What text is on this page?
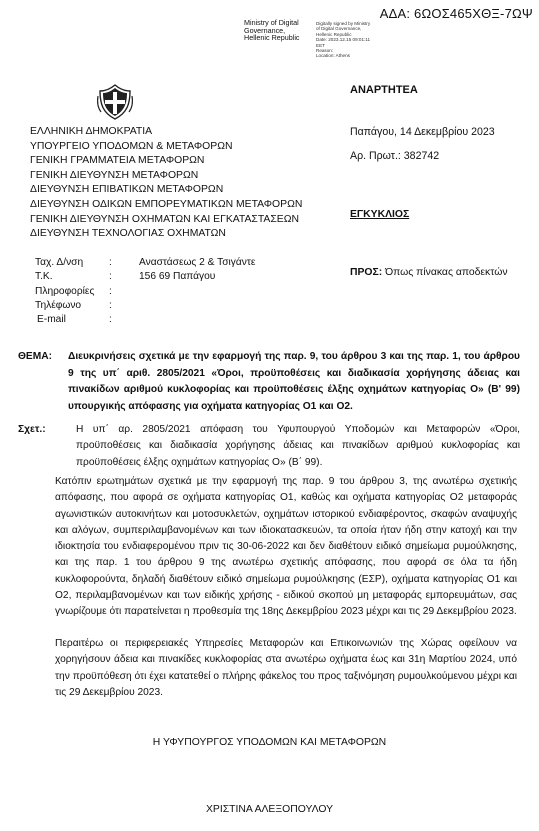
ΑΔΑ: 6ΩΟΣ465ΧΘΞ-7ΩΨ
Ministry of Digital
Governance,
Hellenic Republic
Digitally signed by Ministry
of Digital Governance,
Hellenic Republic
Date: 2023.12.15 09:01:11
EET
Reason:
Location: Athens
ΑΝΑΡΤΗΤΕΑ
ΕΛΛΗΝΙΚΗ ΔΗΜΟΚΡΑΤΙΑ
ΥΠΟΥΡΓΕΙΟ ΥΠΟΔΟΜΩΝ & ΜΕΤΑΦΟΡΩΝ
ΓΕΝΙΚΗ ΓΡΑΜΜΑΤΕΙΑ ΜΕΤΑΦΟΡΩΝ
ΓΕΝΙΚΗ ΔΙΕΥΘΥΝΣΗ ΜΕΤΑΦΟΡΩΝ
ΔΙΕΥΘΥΝΣΗ ΕΠΙΒΑΤΙΚΩΝ ΜΕΤΑΦΟΡΩΝ
ΔΙΕΥΘΥΝΣΗ ΟΔΙΚΩΝ ΕΜΠΟΡΕΥΜΑΤΙΚΩΝ ΜΕΤΑΦΟΡΩΝ
ΓΕΝΙΚΗ ΔΙΕΥΘΥΝΣΗ ΟΧΗΜΑΤΩΝ ΚΑΙ ΕΓΚΑΤΑΣΤΑΣΕΩΝ
ΔΙΕΥΘΥΝΣΗ ΤΕΧΝΟΛΟΓΙΑΣ ΟΧΗΜΑΤΩΝ
Παπάγου, 14 Δεκεμβρίου 2023
Αρ. Πρωτ.: 382742
ΕΓΚΥΚΛΙΟΣ
Ταχ. Δ/νση	:	Αναστάσεως 2 & Τσιγάντε
Τ.Κ.	:	156 69 Παπάγου
Πληροφορίες :
Τηλέφωνο	:
E-mail	:
ΠΡΟΣ: Όπως πίνακας αποδεκτών
ΘΕΜΑ: Διευκρινήσεις σχετικά με την εφαρμογή της παρ. 9, του άρθρου 3 και της παρ. 1, του άρθρου 9 της υπ΄ αριθ. 2805/2021 «Όροι, προϋποθέσεις και διαδικασία χορήγησης άδειας και πινακίδων αριθμού κυκλοφορίας και προϋποθέσεις έλξης οχημάτων κατηγορίας Ο» (Β' 99) υπουργικής απόφασης για οχήματα κατηγορίας Ο1 και Ο2.
Σχετ.:	Η υπ΄ αρ. 2805/2021 απόφαση του Υφυπουργού Υποδομών και Μεταφορών «Όροι, προϋποθέσεις και διαδικασία χορήγησης άδειας και πινακίδων αριθμού κυκλοφορίας και προϋποθέσεις έλξης οχημάτων κατηγορίας Ο» (Β΄ 99).
Κατόπιν ερωτημάτων σχετικά με την εφαρμογή της παρ. 9 του άρθρου 3, της ανωτέρω σχετικής απόφασης, που αφορά σε οχήματα κατηγορίας Ο1, καθώς και οχήματα κατηγορίας Ο2 μεταφοράς αγωνιστικών αυτοκινήτων και μοτοσυκλετών, οχημάτων ιστορικού ενδιαφέροντος, σκαφών αναψυχής και αλόγων, συμπεριλαμβανομένων και των ιδιοκατασκευών, τα οποία ήταν ήδη στην κατοχή και την ιδιοκτησία του ενδιαφερομένου πριν τις 30-06-2022 και δεν διαθέτουν ειδικό σημείωμα ρυμούλκησης, και της παρ. 1 του άρθρου 9 της ανωτέρω σχετικής απόφασης, που αφορά σε όλα τα ήδη κυκλοφορούντα, δηλαδή διαθέτουν ειδικό σημείωμα ρυμούλκησης (ΕΣΡ), οχήματα κατηγορίας Ο1 και Ο2, περιλαμβανομένων και των ειδικής χρήσης - ειδικού σκοπού μη μεταφοράς εμπορευμάτων, σας γνωρίζουμε ότι παρατείνεται η προθεσμία της 18ης Δεκεμβρίου 2023 μέχρι και τις 29 Δεκεμβρίου 2023.
Περαιτέρω οι περιφερειακές Υπηρεσίες Μεταφορών και Επικοινωνιών της Χώρας οφείλουν να χορηγήσουν άδεια και πινακίδες κυκλοφορίας στα ανωτέρω οχήματα έως και 31η Μαρτίου 2024, υπό την προϋπόθεση ότι έχει κατατεθεί ο πλήρης φάκελος του προς ταξινόμηση ρυμουλκούμενου μέχρι και τις 29 Δεκεμβρίου 2023.
Η ΥΦΥΠΟΥΡΓΟΣ ΥΠΟΔΟΜΩΝ ΚΑΙ ΜΕΤΑΦΟΡΩΝ
ΧΡΙΣΤΙΝΑ ΑΛΕΞΟΠΟΥΛΟΥ
